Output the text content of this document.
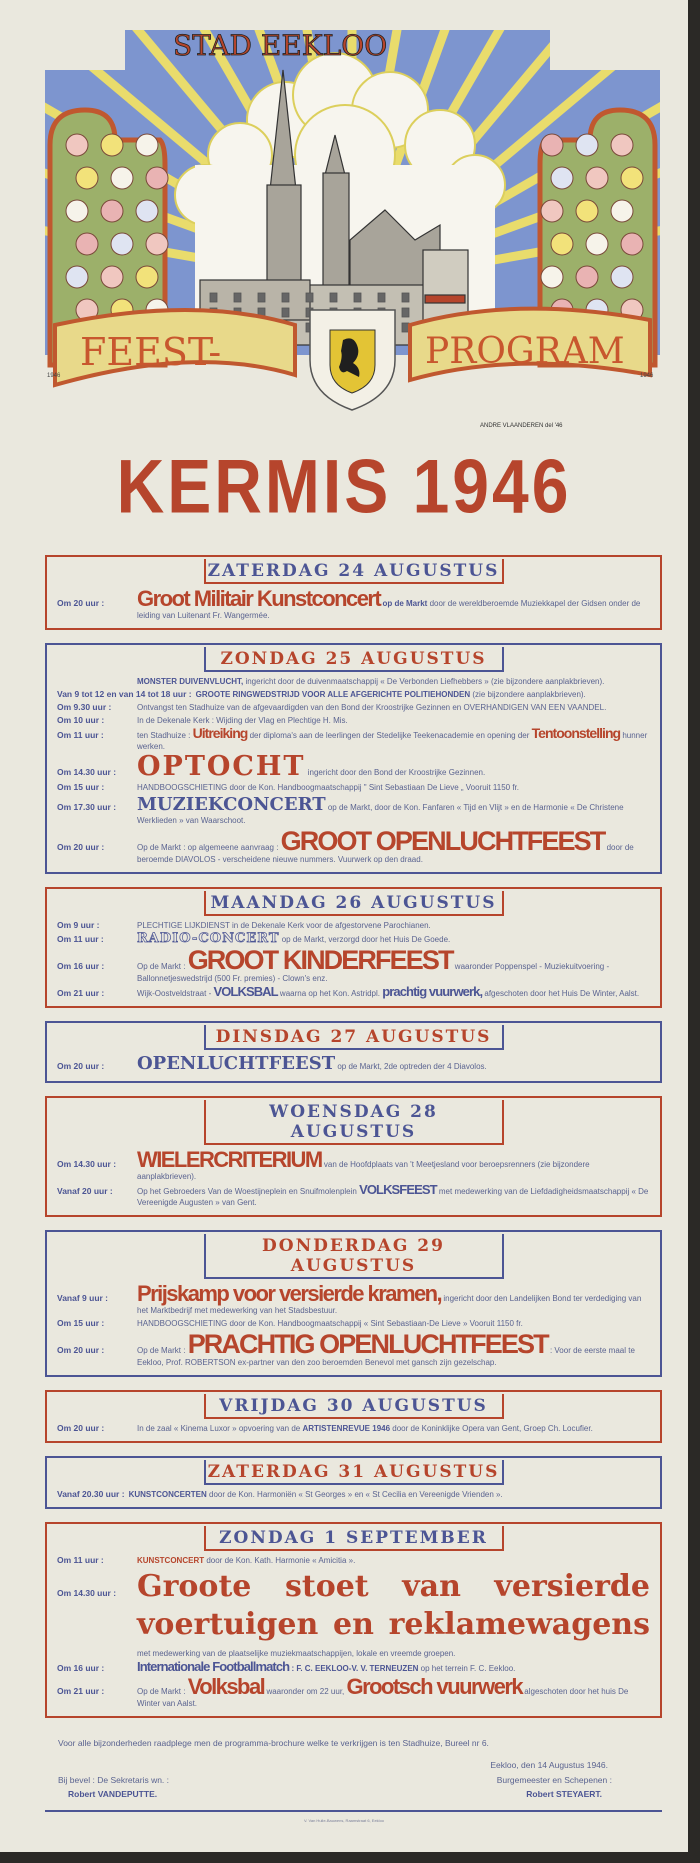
STAD EEKLOO
FEEST-	PROGRAM
1946	1946
ANDRE VLAANDEREN del '46
KERMIS 1946
ZATERDAG 24 AUGUSTUS
Om 20 uur :	Groot Militair Kunstconcert op de Markt door de wereldberoemde Muziekkapel der Gidsen onder de leiding van Luitenant Fr. Wangermée.
ZONDAG 25 AUGUSTUS
MONSTER DUIVENVLUCHT, ingericht door de duivenmaatschappij « De Verbonden Liefhebbers » (zie bijzondere aanplakbrieven).
Van 9 tot 12 en van 14 tot 18 uur : GROOTE RINGWEDSTRIJD VOOR ALLE AFGERICHTE POLITIEHONDEN (zie bijzondere aanplakbrieven).
Om 9.30 uur :	Ontvangst ten Stadhuize van de afgevaardigden van den Bond der Kroostrijke Gezinnen en OVERHANDIGEN VAN EEN VAANDEL.
Om 10 uur :	In de Dekenale Kerk : Wijding der Vlag en Plechtige H. Mis.
Om 11 uur :	ten Stadhuize : Uitreiking der diploma's aan de leerlingen der Stedelijke Teekenacademie en opening der Tentoonstelling hunner werken.
Om 14.30 uur : OPTOCHT ingericht door den Bond der Kroostrijke Gezinnen.
Om 15 uur :	HANDBOOGSCHIETING door de Kon. Handboogmaatschappij " Sint Sebastiaan De Lieve „ Vooruit 1150 fr.
Om 17.30 uur :	MUZIEKCONCERT op de Markt, door de Kon. Fanfaren « Tijd en Vlijt » en de Harmonie « De Christene Werklieden » van Waarschoot.
Om 20 uur :	Op de Markt : op algemeene aanvraag : GROOT OPENLUCHTFEEST door de beroemde DIAVOLOS - verscheidene nieuwe nummers. Vuurwerk op den draad.
MAANDAG 26 AUGUSTUS
Om 9 uur :	PLECHTIGE LIJKDIENST in de Dekenale Kerk voor de afgestorvene Parochianen.
Om 11 uur :	RADIO-CONCERT op de Markt, verzorgd door het Huis De Goede.
Om 16 uur :	Op de Markt : GROOT KINDERFEEST waaronder Poppenspel - Muziekuitvoering - Ballonnetjeswedstrijd (500 Fr. premies) - Clown's enz.
Om 21 uur :	Wijk-Oostveldstraat - VOLKSBAL waarna op het Kon. Astridpl. prachtig vuurwerk, afgeschoten door het Huis De Winter, Aalst.
DINSDAG 27 AUGUSTUS
Om 20 uur :	OPENLUCHTFEEST op de Markt, 2de optreden der 4 Diavolos.
WOENSDAG 28 AUGUSTUS
Om 14.30 uur : WIELERCRITERIUM van de Hoofdplaats van 't Meetjesland voor beroepsrenners (zie bijzondere aanplakbrieven).
Vanaf 20 uur :	Op het Gebroeders Van de Woestijneplein en Snuifmolenplein VOLKSFEEST met medewerking van de Liefdadigheidsmaatschappij « De Vereenigde Augusten » van Gent.
DONDERDAG 29 AUGUSTUS
Vanaf 9 uur :	Prijskamp voor versierde kramen, ingericht door den Landelijken Bond ter verdediging van het Marktbedrijf met medewerking van het Stadsbestuur.
Om 15 uur :	HANDBOOGSCHIETING door de Kon. Handboogmaatschappij « Sint Sebastiaan-De Lieve » Vooruit 1150 fr.
Om 20 uur :	Op de Markt : PRACHTIG OPENLUCHTFEEST : Voor de eerste maal te Eekloo, Prof. ROBERTSON ex-partner van den zoo beroemden Benevol met gansch zijn gezelschap.
VRIJDAG 30 AUGUSTUS
Om 20 uur :	In de zaal « Kinema Luxor » opvoering van de ARTISTENREVUE 1946 door de Koninklijke Opera van Gent, Groep Ch. Locufier.
ZATERDAG 31 AUGUSTUS
Vanaf 20.30 uur : KUNSTCONCERTEN door de Kon. Harmoniën « St Georges » en « St Cecilia en Vereenigde Vrienden ».
ZONDAG 1 SEPTEMBER
Om 11 uur :	KUNSTCONCERT door de Kon. Kath. Harmonie « Amicitia ».
Om 14.30 uur : Groote stoet van versierde
voertuigen en reklamewagens
met medewerking van de plaatselijke muziekmaatschappijen, lokale en vreemde groepen.
Om 16 uur :	Internationale Footballmatch : F. C. EEKLOO-V. V. TERNEUZEN op het terrein F. C. Eekloo.
Om 21 uur :	Op de Markt : Volksbal waaronder om 22 uur, Grootsch vuurwerk algeschoten door het huis De Winter van Aalst.
Voor alle bijzonderheden raadplege men de programma-brochure welke te verkrijgen is ten Stadhuize, Bureel nr 6.
Eekloo, den 14 Augustus 1946.
Bij bevel : De Sekretaris wn. :
Robert VANDEPUTTE.
Burgemeester en Schepenen :
Robert STEYAERT.
V. Van Hulle-Bauwens, Raamstraat 6, Eekloo
